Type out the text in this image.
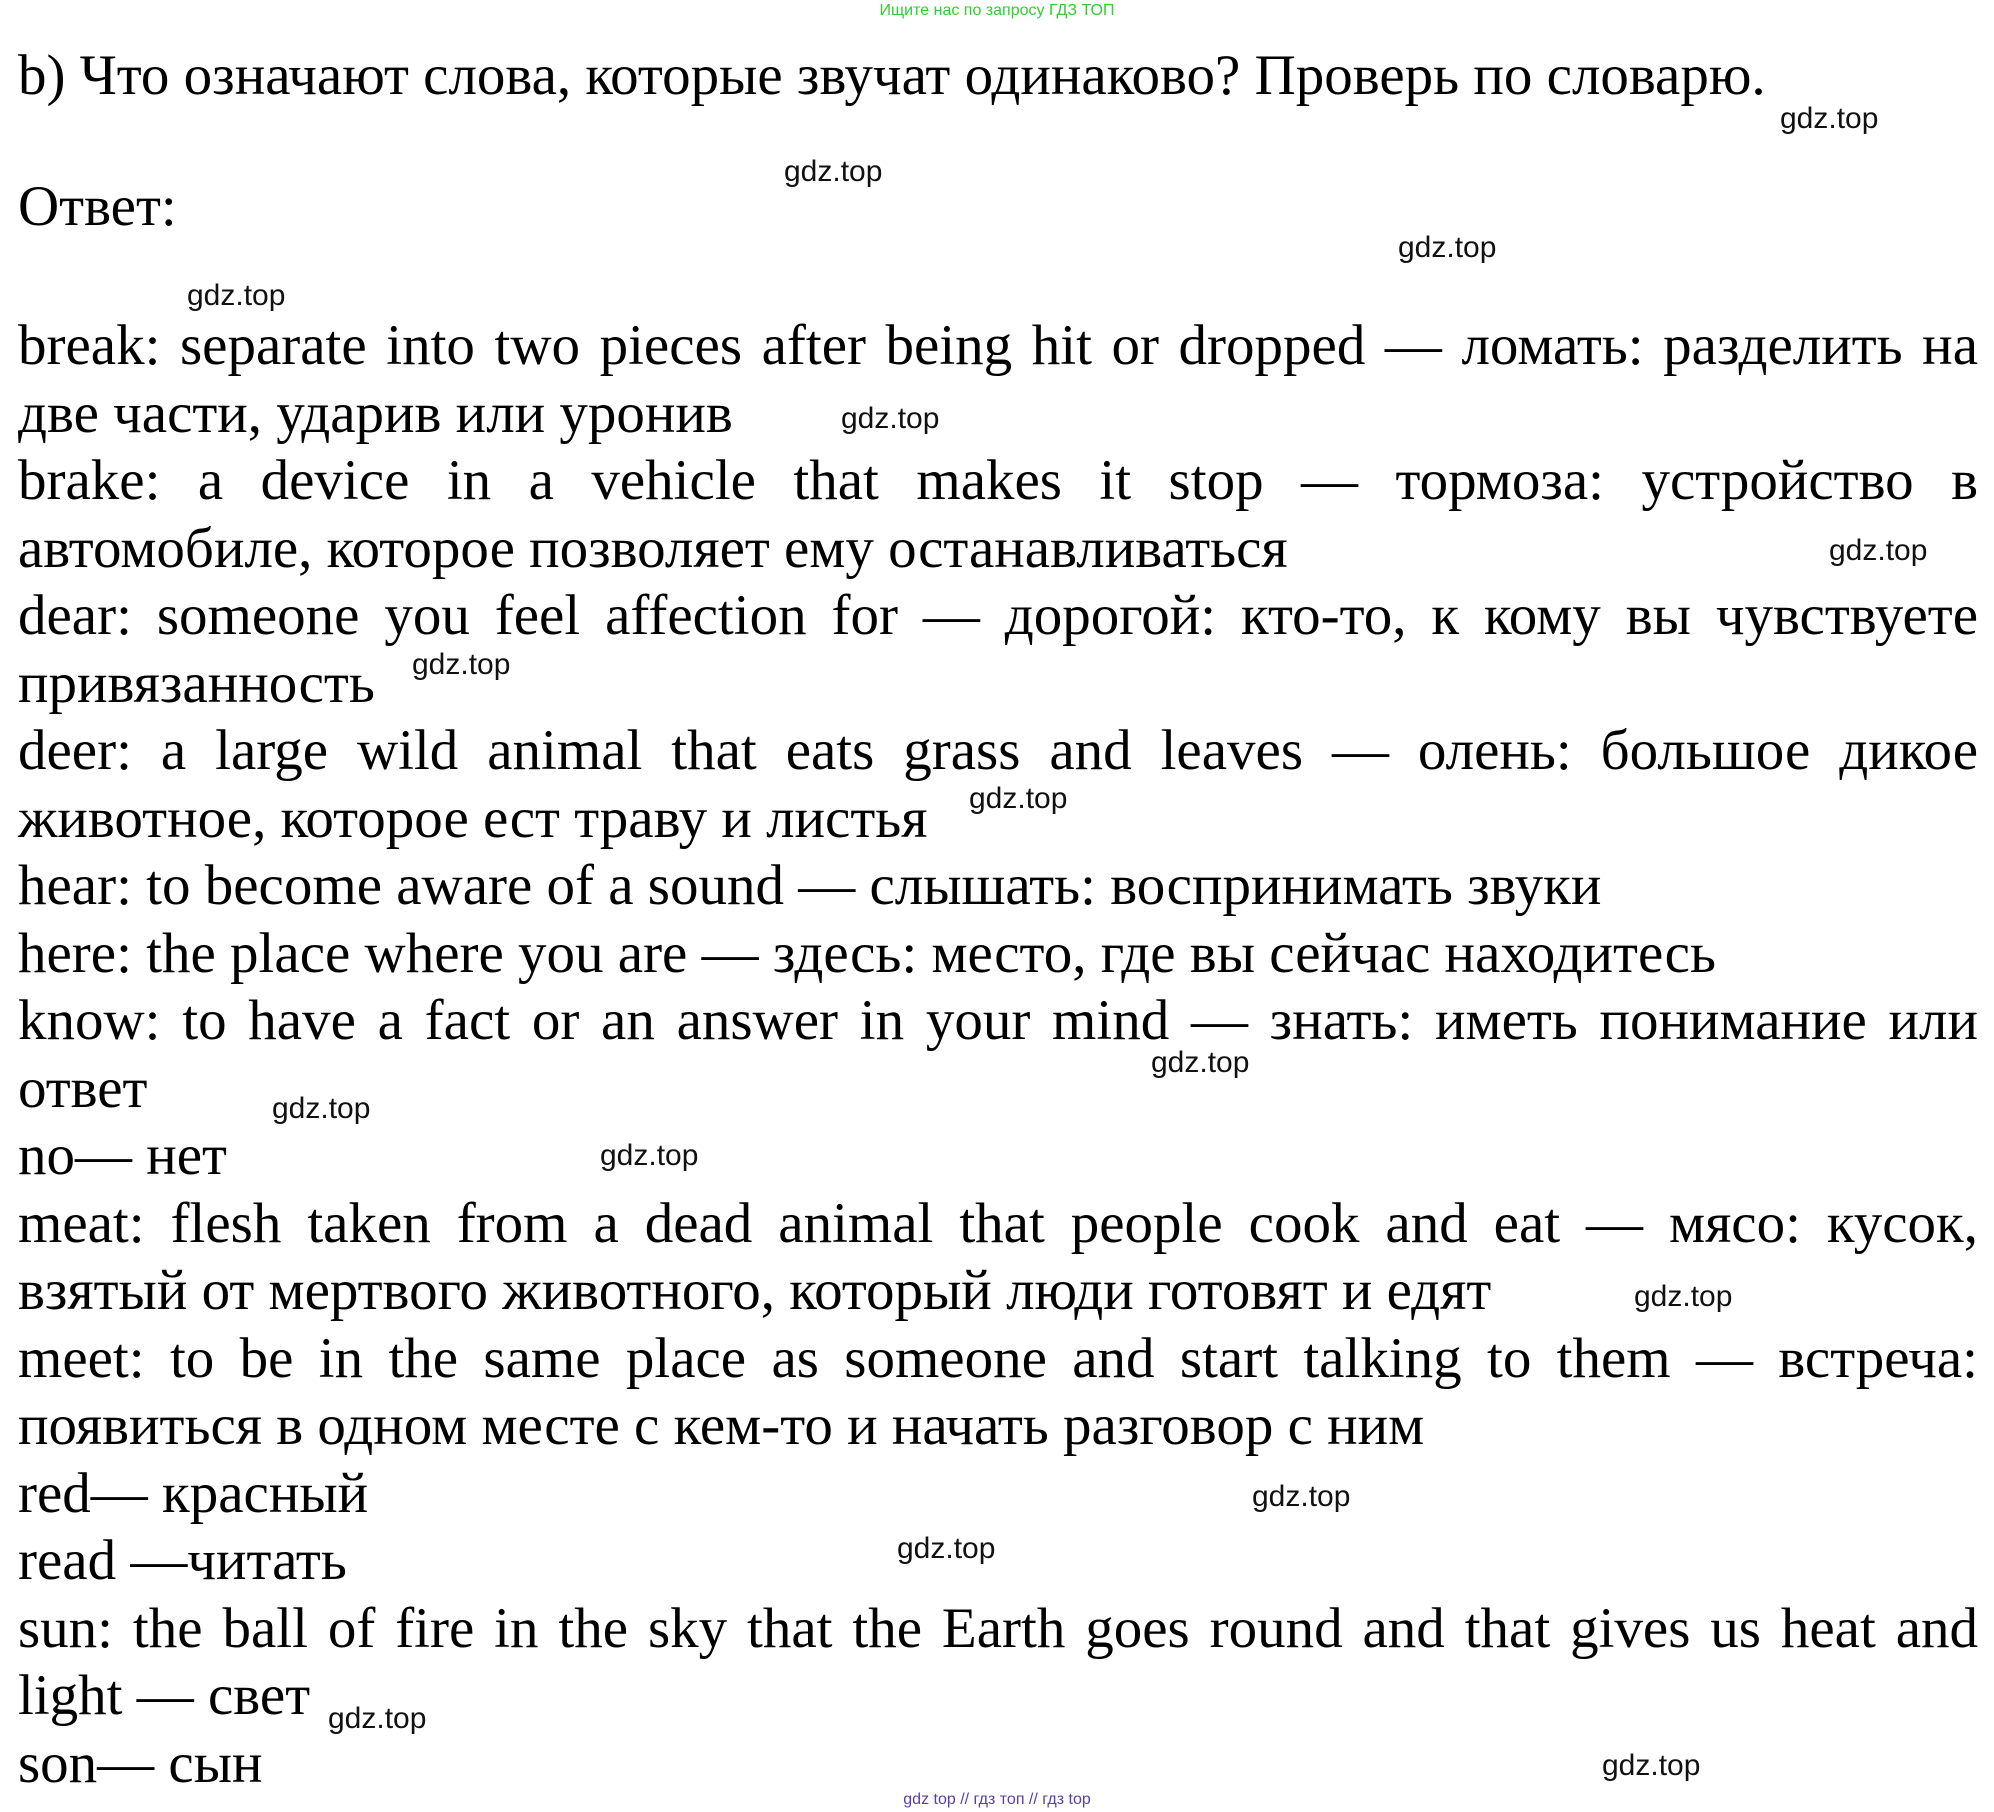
Ищите нас по запросу ГДЗ ТОП
b) Что означают слова, которые звучат одинаково? Проверь по словарю.
Ответ:
break: separate into two pieces after being hit or dropped — ломать: разделить на две части, ударив или уронив
brake: a device in a vehicle that makes it stop — тормоза: устройство в автомобиле, которое позволяет ему останавливаться
dear: someone you feel affection for — дорогой: кто-то, к кому вы чувствуете привязанность
deer: a large wild animal that eats grass and leaves — олень: большое дикое животное, которое ест траву и листья
hear: to become aware of a sound — слышать: воспринимать звуки
here: the place where you are — здесь: место, где вы сейчас находитесь
know: to have a fact or an answer in your mind — знать: иметь понимание или ответ
no— нет
meat: flesh taken from a dead animal that people cook and eat — мясо: кусок, взятый от мертвого животного, который люди готовят и едят
meet: to be in the same place as someone and start talking to them — встреча: появиться в одном месте с кем-то и начать разговор с ним
red— красный
read —читать
sun: the ball of fire in the sky that the Earth goes round and that gives us heat and light — свет
son— сын
gdz.top
gdz.top
gdz.top
gdz.top
gdz.top
gdz.top
gdz.top
gdz.top
gdz.top
gdz.top
gdz.top
gdz.top
gdz.top
gdz.top
gdz.top
gdz.top
gdz top // гдз топ // гдз top
